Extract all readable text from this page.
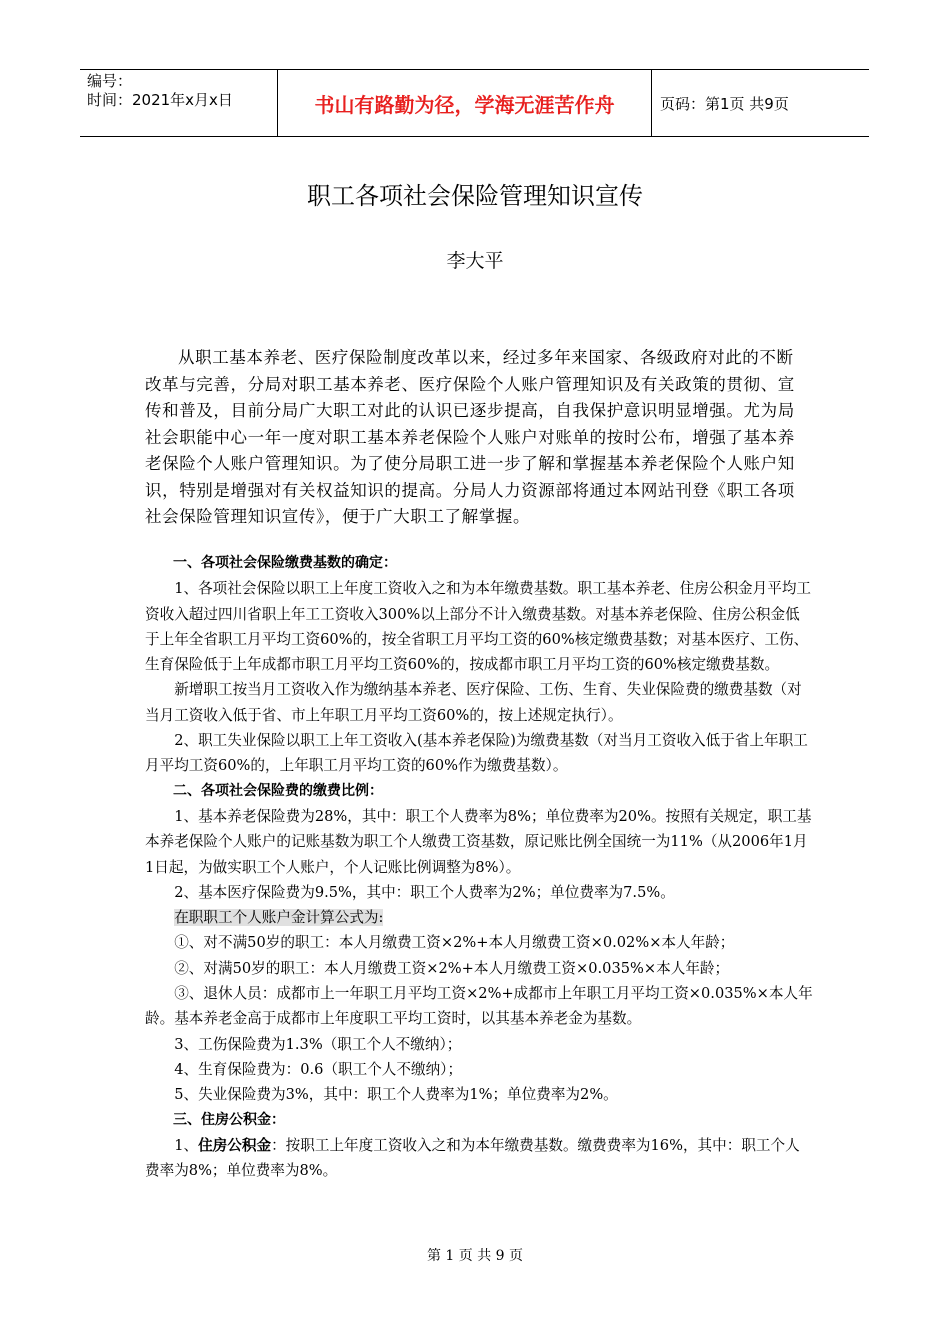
编号：
时间：2021年x月x日	书山有路勤为径，学海无涯苦作舟	页码：第1页 共9页
职工各项社会保险管理知识宣传
李大平

从职工基本养老、医疗保险制度改革以来，经过多年来国家、各级政府对此的不断改革与完善，分局对职工基本养老、医疗保险个人账户管理知识及有关政策的贯彻、宣传和普及，目前分局广大职工对此的认识已逐步提高，自我保护意识明显增强。尤为局社会职能中心一年一度对职工基本养老保险个人账户对账单的按时公布，增强了基本养老保险个人账户管理知识。为了使分局职工进一步了解和掌握基本养老保险个人账户知识，特别是增强对有关权益知识的提高。分局人力资源部将通过本网站刊登《职工各项社会保险管理知识宣传》，便于广大职工了解掌握。

一、各项社会保险缴费基数的确定：

1、各项社会保险以职工上年度工资收入之和为本年缴费基数。职工基本养老、住房公积金月平均工资收入超过四川省职上年工工资收入300%以上部分不计入缴费基数。对基本养老保险、住房公积金低于上年全省职工月平均工资60%的，按全省职工月平均工资的60%核定缴费基数；对基本医疗、工伤、生育保险低于上年成都市职工月平均工资60%的，按成都市职工月平均工资的60%核定缴费基数。

新增职工按当月工资收入作为缴纳基本养老、医疗保险、工伤、生育、失业保险费的缴费基数（对当月工资收入低于省、市上年职工月平均工资60%的，按上述规定执行）。

2、职工失业保险以职工上年工资收入(基本养老保险)为缴费基数（对当月工资收入低于省上年职工月平均工资60%的，上年职工月平均工资的60%作为缴费基数）。

二、各项社会保险费的缴费比例：

1、基本养老保险费为28%，其中：职工个人费率为8%；单位费率为20%。按照有关规定，职工基本养老保险个人账户的记账基数为职工个人缴费工资基数，原记账比例全国统一为11%（从2006年1月1日起，为做实职工个人账户，个人记账比例调整为8%）。

2、基本医疗保险费为9.5%，其中：职工个人费率为2%；单位费率为7.5%。

在职职工个人账户金计算公式为:

①、对不满50岁的职工：本人月缴费工资×2%+本人月缴费工资×0.02%×本人年龄；

②、对满50岁的职工：本人月缴费工资×2%+本人月缴费工资×0.035%×本人年龄；

③、退休人员：成都市上一年职工月平均工资×2%+成都市上年职工月平均工资×0.035%×本人年龄。基本养老金高于成都市上年度职工平均工资时，以其基本养老金为基数。

3、工伤保险费为1.3%（职工个人不缴纳）；

4、生育保险费为：0.6（职工个人不缴纳）；

5、失业保险费为3%，其中：职工个人费率为1%；单位费率为2%。

三、住房公积金：

1、住房公积金：按职工上年度工资收入之和为本年缴费基数。缴费费率为16%，其中：职工个人费率为8%；单位费率为8%。

第 1 页 共 9 页
